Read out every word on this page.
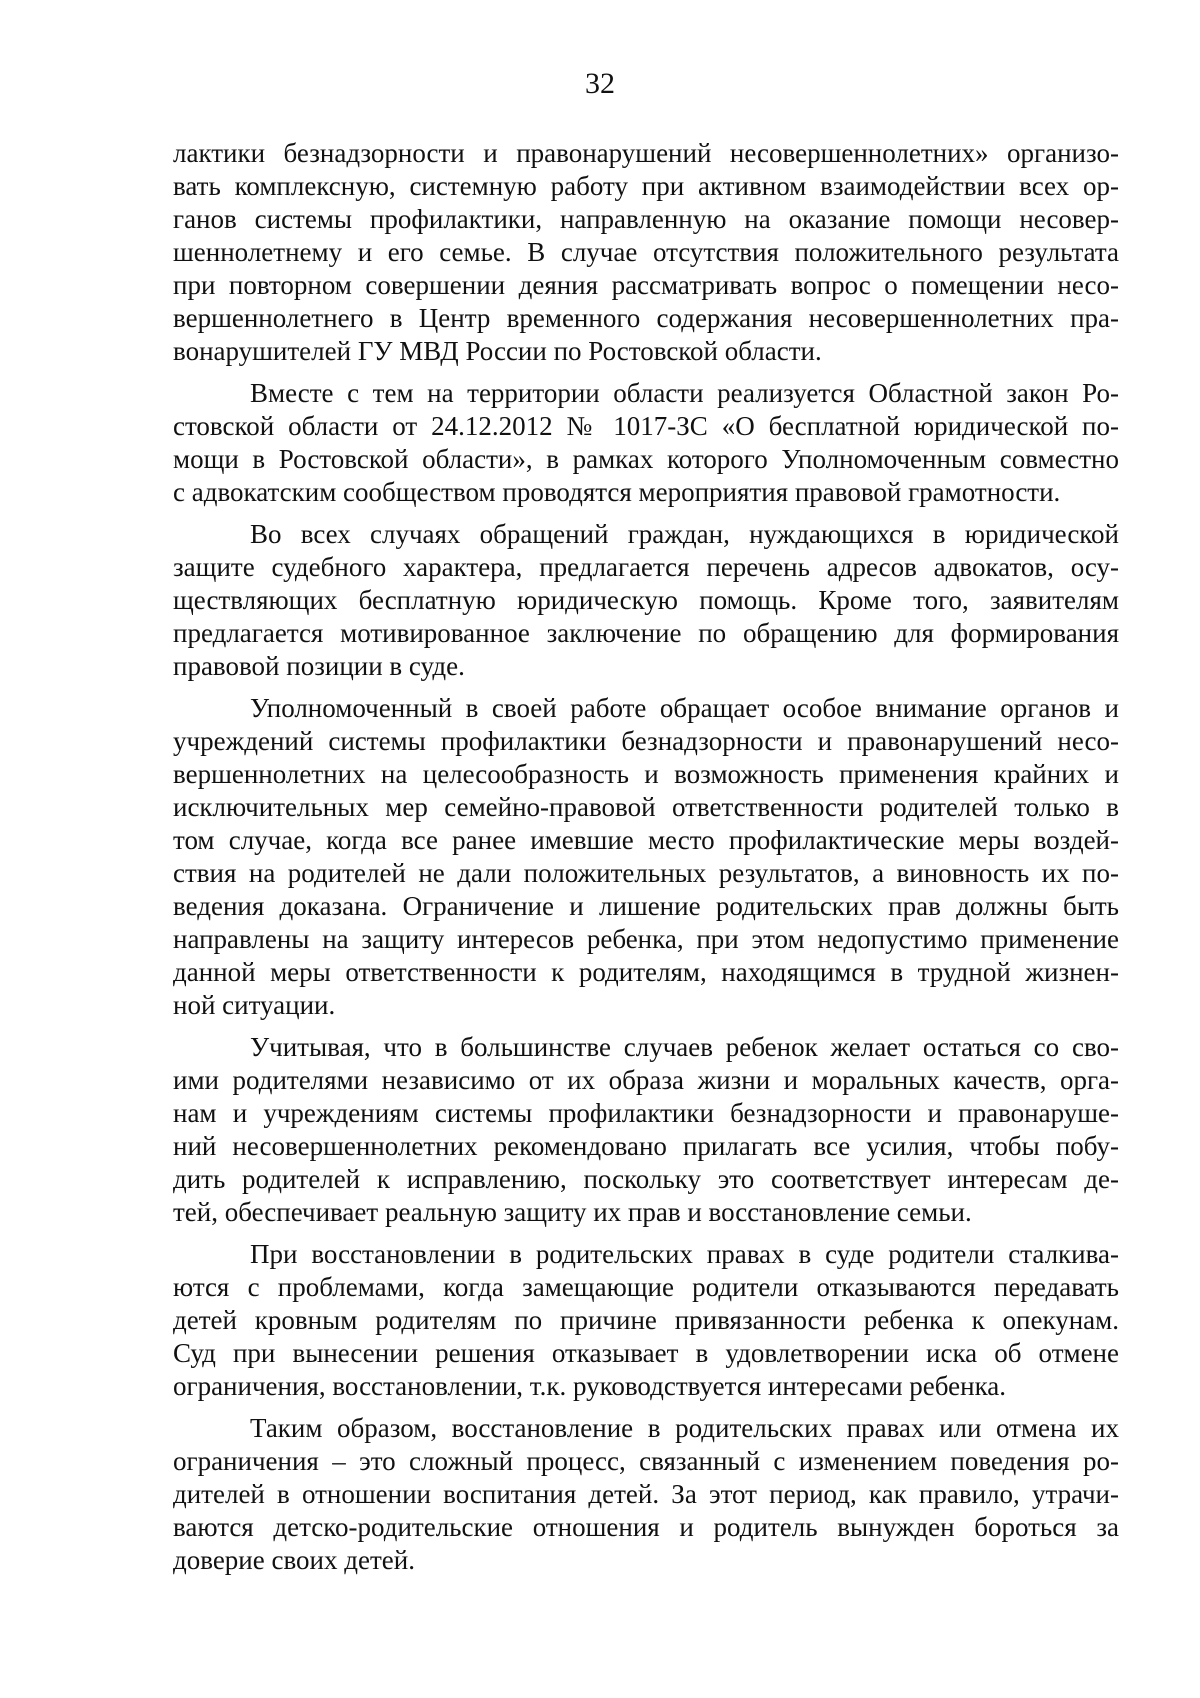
32

лактики безнадзорности и правонарушений несовершеннолетних» организо-
вать комплексную, системную работу при активном взаимодействии всех ор-
ганов системы профилактики, направленную на оказание помощи несовер-
шеннолетнему и его семье. В случае отсутствия положительного результата
при повторном совершении деяния рассматривать вопрос о помещении несо-
вершеннолетнего в Центр временного содержания несовершеннолетних пра-
вонарушителей ГУ МВД России по Ростовской области.

Вместе с тем на территории области реализуется Областной закон Ро-
стовской области от 24.12.2012 № 1017-ЗС «О бесплатной юридической по-
мощи в Ростовской области», в рамках которого Уполномоченным совместно
с адвокатским сообществом проводятся мероприятия правовой грамотности.

Во всех случаях обращений граждан, нуждающихся в юридической
защите судебного характера, предлагается перечень адресов адвокатов, осу-
ществляющих бесплатную юридическую помощь. Кроме того, заявителям
предлагается мотивированное заключение по обращению для формирования
правовой позиции в суде.

Уполномоченный в своей работе обращает особое внимание органов и
учреждений системы профилактики безнадзорности и правонарушений несо-
вершеннолетних на целесообразность и возможность применения крайних и
исключительных мер семейно-правовой ответственности родителей только в
том случае, когда все ранее имевшие место профилактические меры воздей-
ствия на родителей не дали положительных результатов, а виновность их по-
ведения доказана. Ограничение и лишение родительских прав должны быть
направлены на защиту интересов ребенка, при этом недопустимо применение
данной меры ответственности к родителям, находящимся в трудной жизнен-
ной ситуации.

Учитывая, что в большинстве случаев ребенок желает остаться со сво-
ими родителями независимо от их образа жизни и моральных качеств, орга-
нам и учреждениям системы профилактики безнадзорности и правонаруше-
ний несовершеннолетних рекомендовано прилагать все усилия, чтобы побу-
дить родителей к исправлению, поскольку это соответствует интересам де-
тей, обеспечивает реальную защиту их прав и восстановление семьи.

При восстановлении в родительских правах в суде родители сталкива-
ются с проблемами, когда замещающие родители отказываются передавать
детей кровным родителям по причине привязанности ребенка к опекунам.
Суд при вынесении решения отказывает в удовлетворении иска об отмене
ограничения, восстановлении, т.к. руководствуется интересами ребенка.

Таким образом, восстановление в родительских правах или отмена их
ограничения – это сложный процесс, связанный с изменением поведения ро-
дителей в отношении воспитания детей. За этот период, как правило, утрачи-
ваются детско-родительские отношения и родитель вынужден бороться за
доверие своих детей.
